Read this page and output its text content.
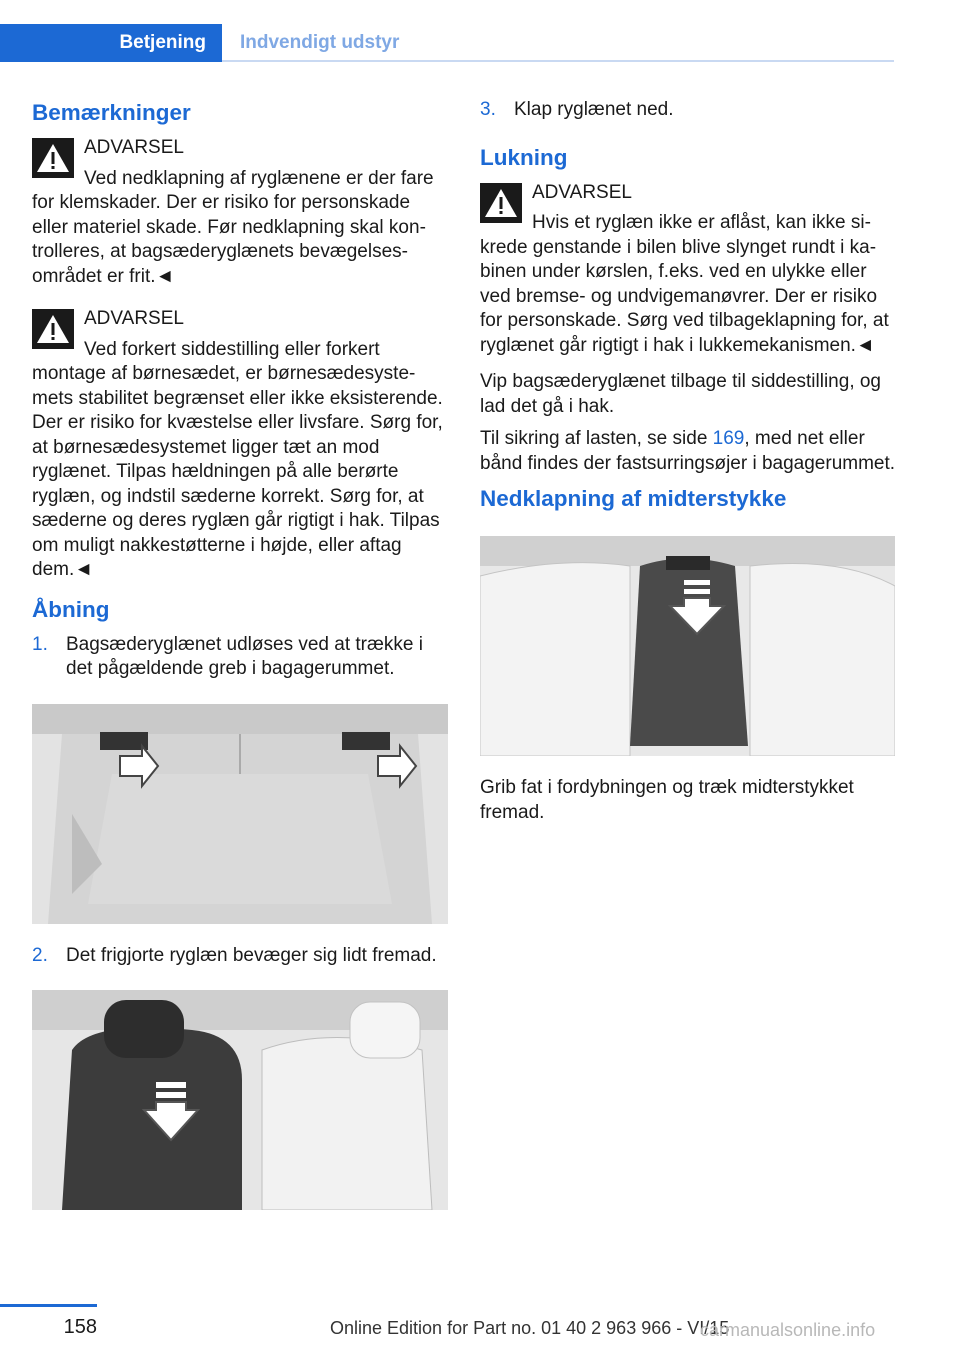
Betjening	Indvendigt udstyr
Bemærkninger
ADVARSEL
Ved nedklapning af ryglænene er der fare for klemskader. Der er risiko for personskade eller materiel skade. Før nedklapning skal kontrolleres, at bagsæderyglænets bevægelsesområdet er frit.◄
ADVARSEL
Ved forkert siddestilling eller forkert montage af børnesædet, er børnesædesystemets stabilitet begrænset eller ikke eksisterende. Der er risiko for kvæstelse eller livsfare. Sørg for, at børnesædesystemet ligger tæt an mod ryglænet. Tilpas hældningen på alle berørte ryglæn, og indstil sæderne korrekt. Sørg for, at sæderne og deres ryglæn går rigtigt i hak. Tilpas om muligt nakkestøtterne i højde, eller aftag dem.◄
Åbning
1. Bagsæderyglænet udløses ved at trække i det pågældende greb i bagagerummet.
2. Det frigjorte ryglæn bevæger sig lidt fremad.
3. Klap ryglænet ned.
Lukning
ADVARSEL
Hvis et ryglæn ikke er aflåst, kan ikke sikrede genstande i bilen blive slynget rundt i kabinen under kørslen, f.eks. ved en ulykke eller ved bremse- og undvigemanøvrer. Der er risiko for personskade. Sørg ved tilbageklapning for, at ryglænet går rigtigt i hak i lukkemekanismen.◄

Vip bagsæderyglænet tilbage til siddestilling, og lad det gå i hak.

Til sikring af lasten, se side 169, med net eller bånd findes der fastsurringsøjer i bagagerummet.

Nedklapning af midterstykke

Grib fat i fordybningen og træk midterstykket fremad.

158	Online Edition for Part no. 01 40 2 963 966 - VI/15
carmanualsonline.info
